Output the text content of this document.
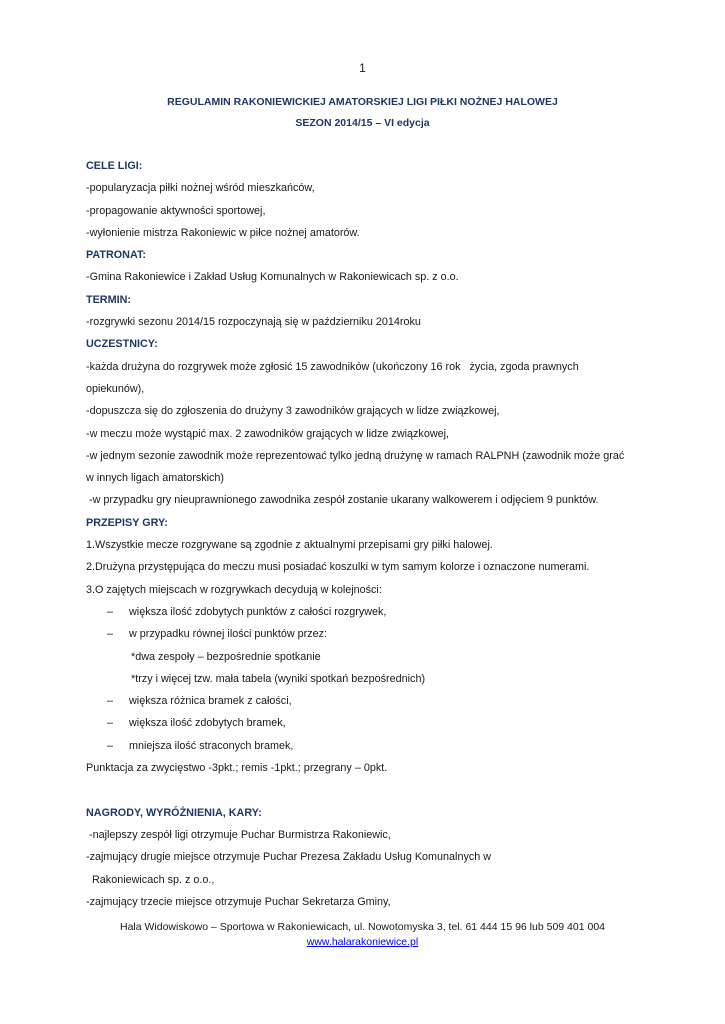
1
REGULAMIN RAKONIEWICKIEJ AMATORSKIEJ LIGI PIŁKI NOŻNEJ HALOWEJ
SEZON 2014/15 – VI edycja
CELE LIGI:
-popularyzacja piłki nożnej wśród mieszkańców,
-propagowanie aktywności sportowej,
-wyłonienie mistrza Rakoniewic w piłce nożnej amatorów.
PATRONAT:
-Gmina Rakoniewice i Zakład Usług Komunalnych w Rakoniewicach sp. z o.o.
TERMIN:
-rozgrywki sezonu 2014/15 rozpoczynają się w październiku 2014roku
UCZESTNICY:
-każda drużyna do rozgrywek może zgłosić 15 zawodników (ukończony 16 rok   życia, zgoda prawnych
opiekunów),
-dopuszcza się do zgłoszenia do drużyny 3 zawodników grających w lidze związkowej,
-w meczu może wystąpić max. 2 zawodników grających w lidze związkowej,
-w jednym sezonie zawodnik może reprezentować tylko jedną drużynę w ramach RALPNH (zawodnik może grać
w innych ligach amatorskich)
-w przypadku gry nieuprawnionego zawodnika zespół zostanie ukarany walkowerem i odjęciem 9 punktów.
PRZEPISY GRY:
1.Wszystkie mecze rozgrywane są zgodnie z aktualnymi przepisami gry piłki halowej.
2.Drużyna przystępująca do meczu musi posiadać koszulki w tym samym kolorze i oznaczone numerami.
3.O zajętych miejscach w rozgrywkach decydują w kolejności:
– większa ilość zdobytych punktów z całości rozgrywek,
– w przypadku równej ilości punktów przez:
*dwa zespoły – bezpośrednie spotkanie
*trzy i więcej tzw. mała tabela (wyniki spotkań bezpośrednich)
– większa różnica bramek z całości,
– większa ilość zdobytych bramek,
– mniejsza ilość straconych bramek,
Punktacja za zwycięstwo -3pkt.; remis -1pkt.; przegrany – 0pkt.
NAGRODY, WYRÓŻNIENIA, KARY:
-najlepszy zespół ligi otrzymuje Puchar Burmistrza Rakoniewic,
-zajmujący drugie miejsce otrzymuje Puchar Prezesa Zakładu Usług Komunalnych w
Rakoniewicach sp. z o.o.,
-zajmujący trzecie miejsce otrzymuje Puchar Sekretarza Gminy,
Hala Widowiskowo – Sportowa w Rakoniewicach, ul. Nowotomyska 3, tel. 61 444 15 96 lub 509 401 004
www.halarakoniewice.pl
